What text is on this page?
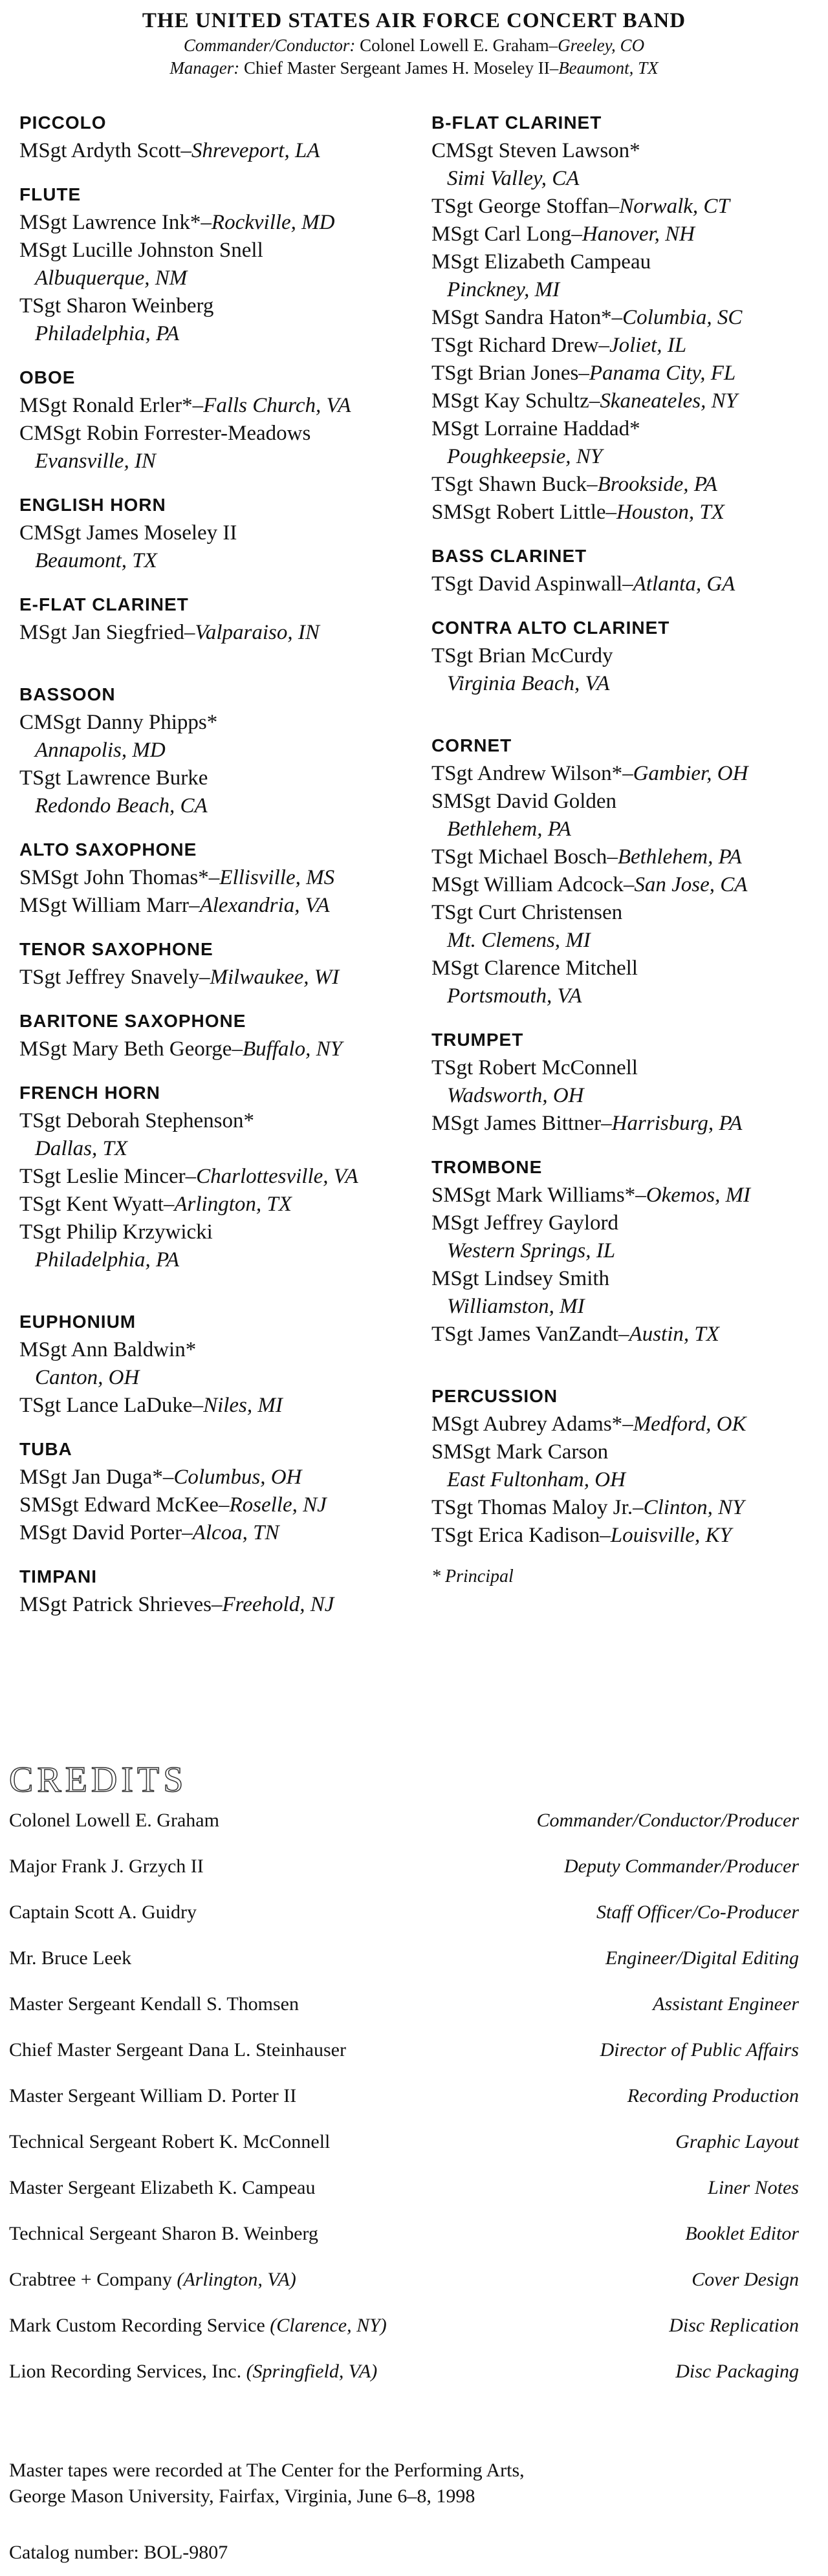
THE UNITED STATES AIR FORCE CONCERT BAND
Commander/Conductor: Colonel Lowell E. Graham–Greeley, CO
Manager: Chief Master Sergeant James H. Moseley II–Beaumont, TX
PICCOLO
MSgt Ardyth Scott–Shreveport, LA
FLUTE
MSgt Lawrence Ink*–Rockville, MD
MSgt Lucille Johnston Snell
Albuquerque, NM
TSgt Sharon Weinberg
Philadelphia, PA
OBOE
MSgt Ronald Erler*–Falls Church, VA
CMSgt Robin Forrester-Meadows
Evansville, IN
ENGLISH HORN
CMSgt James Moseley II
Beaumont, TX
E-FLAT CLARINET
MSgt Jan Siegfried–Valparaiso, IN
BASSOON
CMSgt Danny Phipps*
Annapolis, MD
TSgt Lawrence Burke
Redondo Beach, CA
ALTO SAXOPHONE
SMSgt John Thomas*–Ellisville, MS
MSgt William Marr–Alexandria, VA
TENOR SAXOPHONE
TSgt Jeffrey Snavely–Milwaukee, WI
BARITONE SAXOPHONE
MSgt Mary Beth George–Buffalo, NY
FRENCH HORN
TSgt Deborah Stephenson*
Dallas, TX
TSgt Leslie Mincer–Charlottesville, VA
TSgt Kent Wyatt–Arlington, TX
TSgt Philip Krzywicki
Philadelphia, PA
EUPHONIUM
MSgt Ann Baldwin*
Canton, OH
TSgt Lance LaDuke–Niles, MI
TUBA
MSgt Jan Duga*–Columbus, OH
SMSgt Edward McKee–Roselle, NJ
MSgt David Porter–Alcoa, TN
TIMPANI
MSgt Patrick Shrieves–Freehold, NJ
B-FLAT CLARINET
CMSgt Steven Lawson*
Simi Valley, CA
TSgt George Stoffan–Norwalk, CT
MSgt Carl Long–Hanover, NH
MSgt Elizabeth Campeau
Pinckney, MI
MSgt Sandra Haton*–Columbia, SC
TSgt Richard Drew–Joliet, IL
TSgt Brian Jones–Panama City, FL
MSgt Kay Schultz–Skaneateles, NY
MSgt Lorraine Haddad*
Poughkeepsie, NY
TSgt Shawn Buck–Brookside, PA
SMSgt Robert Little–Houston, TX
BASS CLARINET
TSgt David Aspinwall–Atlanta, GA
CONTRA ALTO CLARINET
TSgt Brian McCurdy
Virginia Beach, VA
CORNET
TSgt Andrew Wilson*–Gambier, OH
SMSgt David Golden
Bethlehem, PA
TSgt Michael Bosch–Bethlehem, PA
MSgt William Adcock–San Jose, CA
TSgt Curt Christensen
Mt. Clemens, MI
MSgt Clarence Mitchell
Portsmouth, VA
TRUMPET
TSgt Robert McConnell
Wadsworth, OH
MSgt James Bittner–Harrisburg, PA
TROMBONE
SMSgt Mark Williams*–Okemos, MI
MSgt Jeffrey Gaylord
Western Springs, IL
MSgt Lindsey Smith
Williamston, MI
TSgt James VanZandt–Austin, TX
PERCUSSION
MSgt Aubrey Adams*–Medford, OK
SMSgt Mark Carson
East Fultonham, OH
TSgt Thomas Maloy Jr.–Clinton, NY
TSgt Erica Kadison–Louisville, KY
* Principal
CREDITS
Colonel Lowell E. Graham	Commander/Conductor/Producer
Major Frank J. Grzych II	Deputy Commander/Producer
Captain Scott A. Guidry	Staff Officer/Co-Producer
Mr. Bruce Leek	Engineer/Digital Editing
Master Sergeant Kendall S. Thomsen	Assistant Engineer
Chief Master Sergeant Dana L. Steinhauser	Director of Public Affairs
Master Sergeant William D. Porter II	Recording Production
Technical Sergeant Robert K. McConnell	Graphic Layout
Master Sergeant Elizabeth K. Campeau	Liner Notes
Technical Sergeant Sharon B. Weinberg	Booklet Editor
Crabtree + Company (Arlington, VA)	Cover Design
Mark Custom Recording Service (Clarence, NY)	Disc Replication
Lion Recording Services, Inc. (Springfield, VA)	Disc Packaging
Master tapes were recorded at The Center for the Performing Arts,
George Mason University, Fairfax, Virginia, June 6–8, 1998
Catalog number: BOL-9807
